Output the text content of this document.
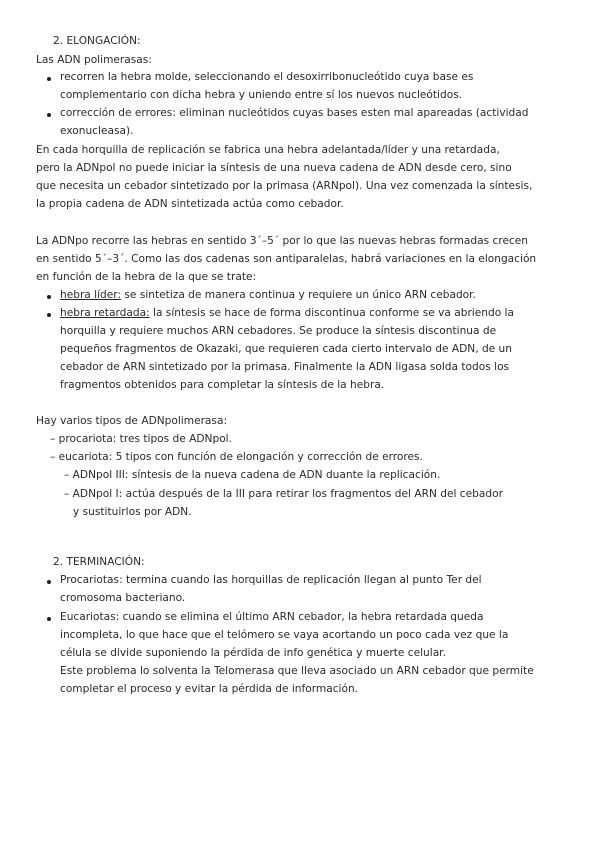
2. ELONGACIÓN:
Las ADN polimerasas:
recorren la hebra molde, seleccionando el desoxirribonucleótido cuya base es
complementario con dicha hebra y uniendo entre sí los nuevos nucleótidos.
corrección de errores: eliminan nucleótidos cuyas bases esten mal apareadas (actividad
exonucleasa).
En cada horquilla de replicación se fabrica una hebra adelantada/líder y una retardada,
pero la ADNpol no puede iniciar la síntesis de una nueva cadena de ADN desde cero, sino
que necesita un cebador sintetizado por la primasa (ARNpol). Una vez comenzada la síntesis,
la propia cadena de ADN sintetizada actúa como cebador.
La ADNpo recorre las hebras en sentido 3´–5´ por lo que las nuevas hebras formadas crecen
en sentido 5´–3´. Como las dos cadenas son antiparalelas, habrá variaciones en la elongación
en función de la hebra de la que se trate:
hebra líder: se sintetiza de manera continua y requiere un único ARN cebador.
hebra retardada: la síntesis se hace de forma discontinua conforme se va abriendo la
horquilla y requiere muchos ARN cebadores. Se produce la síntesis discontinua de
pequeños fragmentos de Okazaki, que requieren cada cierto intervalo de ADN, de un
cebador de ARN sintetizado por la primasa. Finalmente la ADN ligasa solda todos los
fragmentos obtenidos para completar la síntesis de la hebra.
Hay varios tipos de ADNpolimerasa:
– procariota: tres tipos de ADNpol.
– eucariota: 5 tipos con función de elongación y corrección de errores.
– ADNpol III: síntesis de la nueva cadena de ADN duante la replicación.
– ADNpol I: actúa después de la III para retirar los fragmentos del ARN del cebador
y sustituirlos por ADN.
2. TERMINACIÓN:
Procariotas: termina cuando las horquillas de replicación llegan al punto Ter del
cromosoma bacteriano.
Eucariotas: cuando se elimina el último ARN cebador, la hebra retardada queda
incompleta, lo que hace que el telómero se vaya acortando un poco cada vez que la
célula se divide suponiendo la pérdida de info genética y muerte celular.
Este problema lo solventa la Telomerasa que lleva asociado un ARN cebador que permite
completar el proceso y evitar la pérdida de información.
